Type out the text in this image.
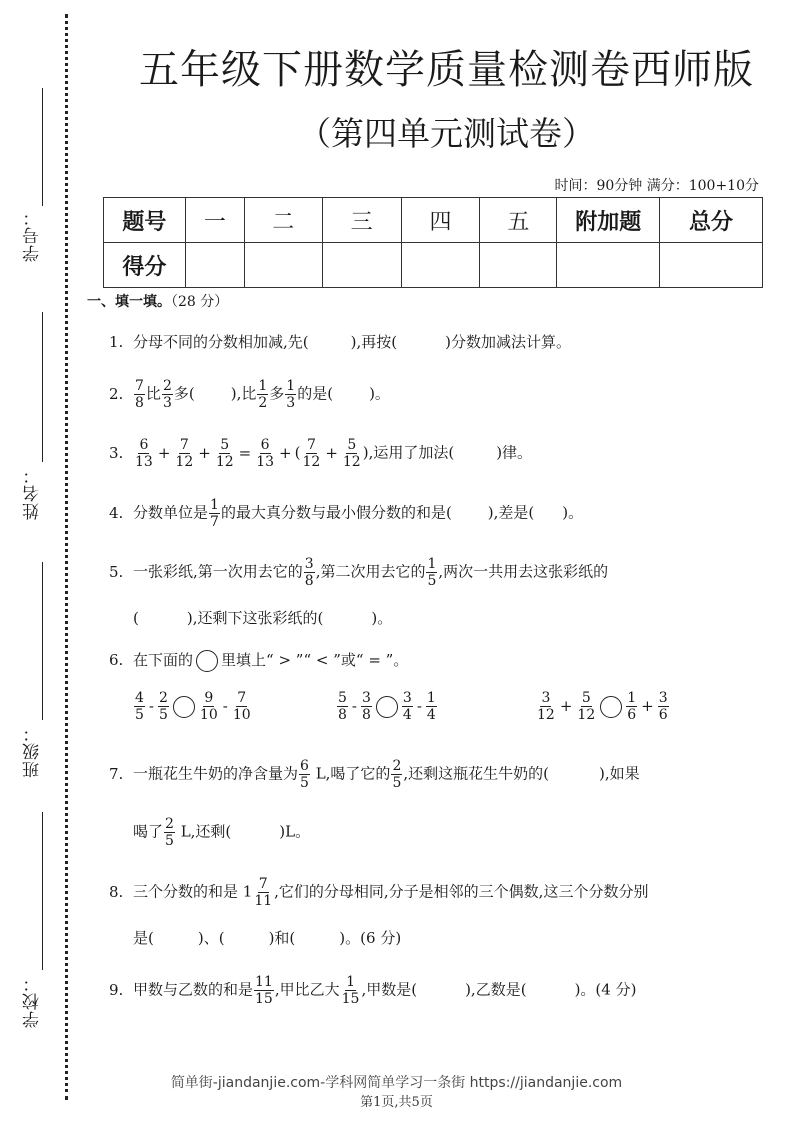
学号：
姓名：
班级：
学校：
五年级下册数学质量检测卷西师版
（第四单元测试卷）
时间：90分钟 满分：100+10分
题号	一	二	三	四	五	附加题	总分
得分							
一、填一填。（28 分）
1. 分母不同的分数相加减,先(	),再按(	)分数加减法计算。
2. $\frac{7}{8}$ 比 $\frac{2}{3}$ 多( ),比 $\frac{1}{2}$ 多 $\frac{1}{3}$ 的是( )。
3. $\frac{6}{13} + \frac{7}{12} + \frac{5}{12} = \frac{6}{13}$ + ( $\frac{7}{12} + \frac{5}{12}$ ),运用了加法(	)律。
4. 分数单位是 $\frac{1}{7}$ 的最大真分数与最小假分数的和是( ),差是( )。
5. 一张彩纸,第一次用去它的 $\frac{3}{8}$ ,第二次用去它的 $\frac{1}{5}$ ,两次一共用去这张彩纸的
(	),还剩下这张彩纸的(	)。
6. 在下面的 里填上“ > ”“ < ”或“ = ”。
$\frac{4}{5} - \frac{2}{5} \frac{9}{10} - \frac{7}{10}$	$\frac{5}{8} - \frac{3}{8} \frac{3}{4} - \frac{1}{4}$	$\frac{3}{12} + \frac{5}{12} \frac{1}{6} + \frac{3}{6}$
7. 一瓶花生牛奶的净含量为 $\frac{6}{5} L$,喝了它的 $\frac{2}{5}$ ,还剩这瓶花生牛奶的(	),如果
喝了 $\frac{2}{5} L$,还剩(	)L。
8. 三个分数的和是 $1 \frac{7}{11}$ ,它们的分母相同,分子是相邻的三个偶数,这三个分数分别
是(	)、(	)和(	)。(6 分)
9. 甲数与乙数的和是 $\frac{11}{15}$ ,甲比乙大 $\frac{1}{15}$ ,甲数是(	),乙数是(	)。(4 分)
简单街-jiandanjie.com-学科网简单学习一条街 https://jiandanjie.com
第1页,共5页
